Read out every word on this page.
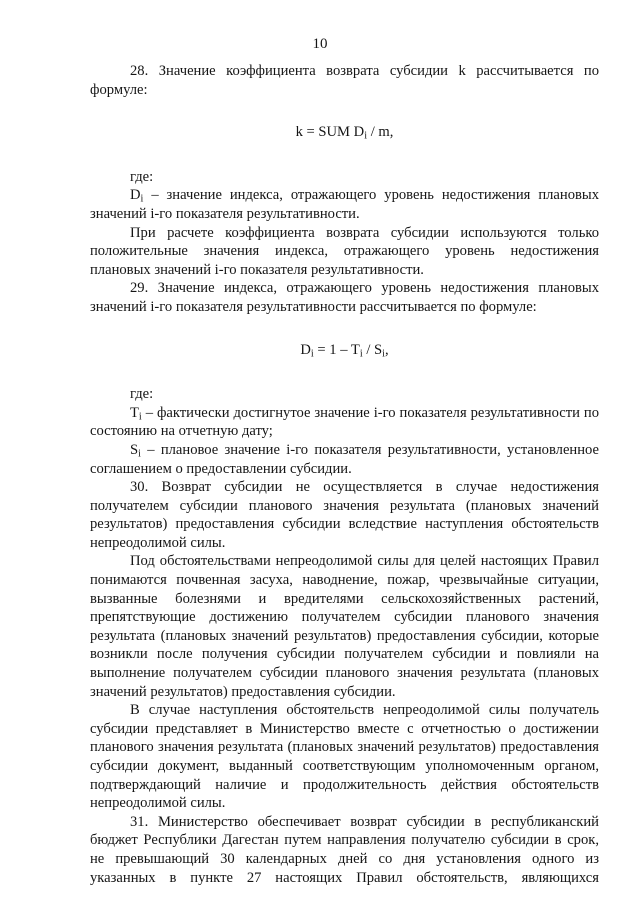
10
28. Значение коэффициента возврата субсидии k рассчитывается по формуле:
k = SUM $D_i$ / m,
где:
$D_i$ – значение индекса, отражающего уровень недостижения плановых значений i-го показателя результативности.
При расчете коэффициента возврата субсидии используются только положительные значения индекса, отражающего уровень недостижения плановых значений i-го показателя результативности.
29. Значение индекса, отражающего уровень недостижения плановых значений i-го показателя результативности рассчитывается по формуле:
$D_i = 1 - T_i / S_i$,
где:
$T_i$ – фактически достигнутое значение i-го показателя результативности по состоянию на отчетную дату;
$S_i$ – плановое значение i-го показателя результативности, установленное соглашением о предоставлении субсидии.
30. Возврат субсидии не осуществляется в случае недостижения получателем субсидии планового значения результата (плановых значений результатов) предоставления субсидии вследствие наступления обстоятельств непреодолимой силы.
Под обстоятельствами непреодолимой силы для целей настоящих Правил понимаются почвенная засуха, наводнение, пожар, чрезвычайные ситуации, вызванные болезнями и вредителями сельскохозяйственных растений, препятствующие достижению получателем субсидии планового значения результата (плановых значений результатов) предоставления субсидии, которые возникли после получения субсидии получателем субсидии и повлияли на выполнение получателем субсидии планового значения результата (плановых значений результатов) предоставления субсидии.
В случае наступления обстоятельств непреодолимой силы получатель субсидии представляет в Министерство вместе с отчетностью о достижении планового значения результата (плановых значений результатов) предоставления субсидии документ, выданный соответствующим уполномоченным органом, подтверждающий наличие и продолжительность действия обстоятельств непреодолимой силы.
31. Министерство обеспечивает возврат субсидии в республиканский бюджет Республики Дагестан путем направления получателю субсидии в срок, не превышающий 30 календарных дней со дня установления одного из указанных в пункте 27 настоящих Правил обстоятельств, являющихся
